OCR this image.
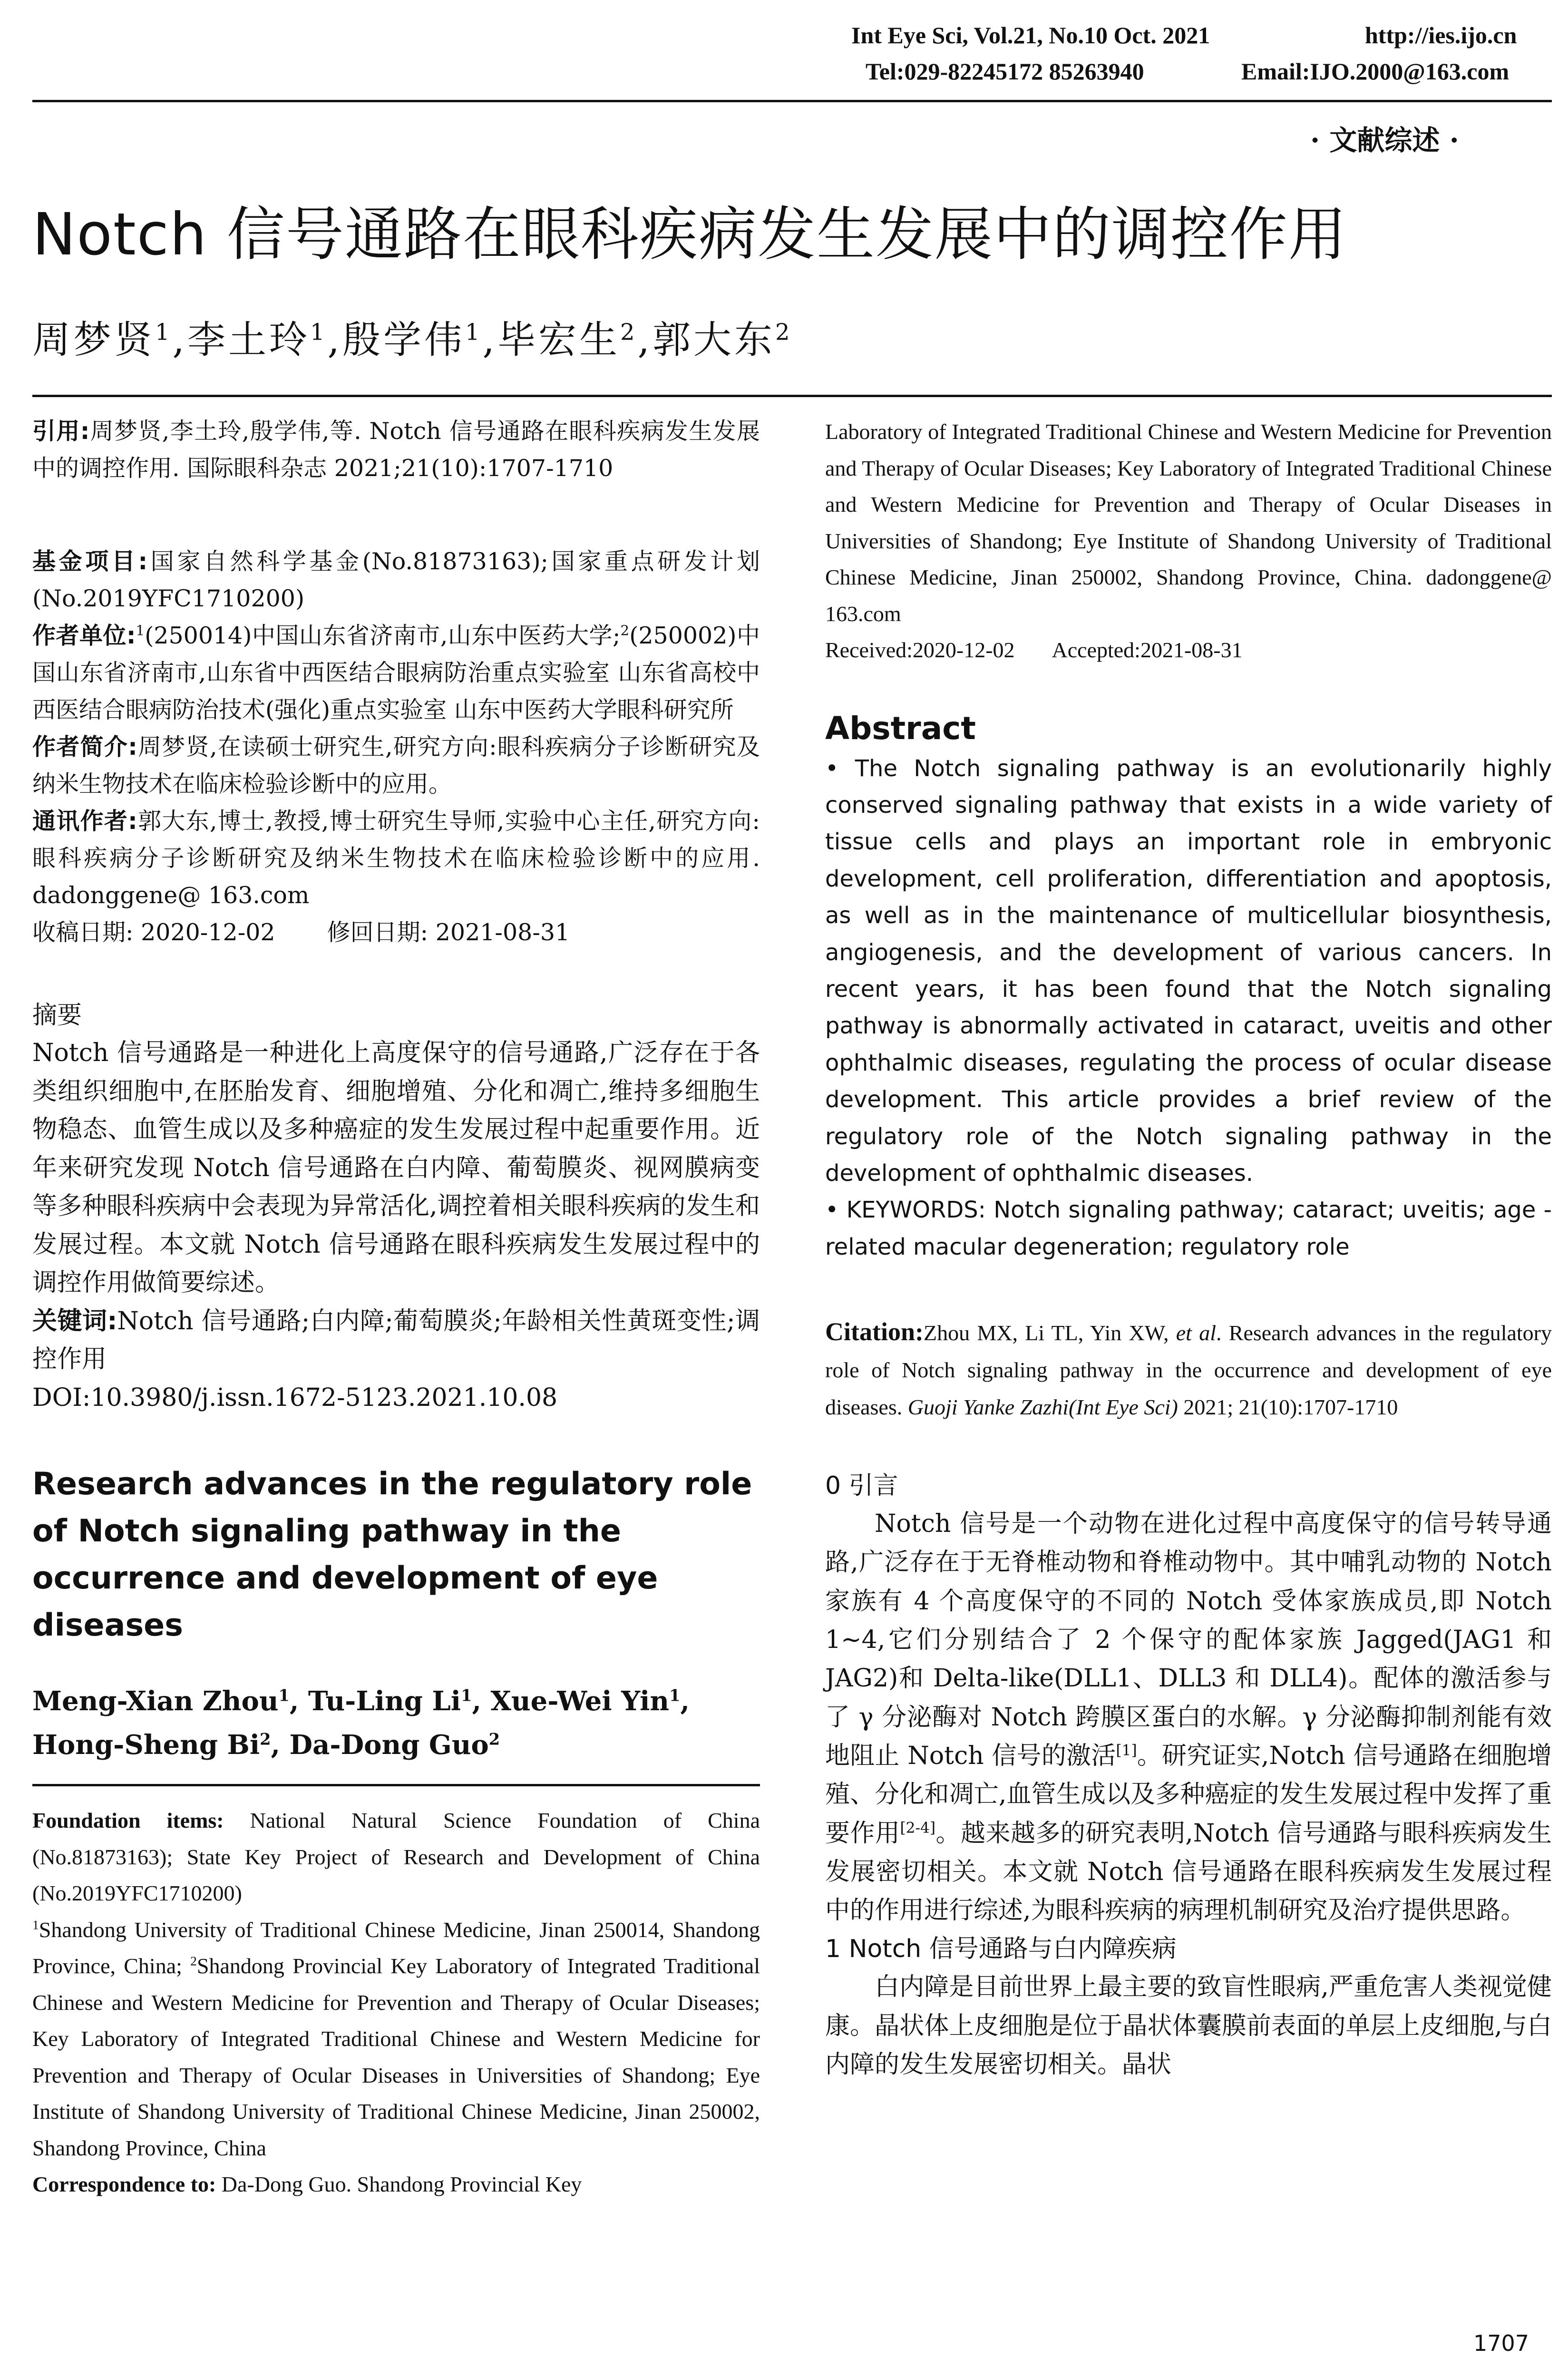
Int Eye Sci, Vol.21, No.10 Oct. 2021	http://ies.ijo.cn
Tel:029-82245172 85263940	Email:IJO.2000@163.com
· 文献综述 ·
Notch 信号通路在眼科疾病发生发展中的调控作用
周梦贤$^1$,李土玲$^1$,殷学伟$^1$,毕宏生$^2$,郭大东$^2$

引用:周梦贤,李土玲,殷学伟,等. Notch 信号通路在眼科疾病发生发展中的调控作用. 国际眼科杂志 2021;21(10):1707-1710

基金项目:国家自然科学基金(No.81873163);国家重点研发计划(No.2019YFC1710200)

作者单位:$^1$(250014)中国山东省济南市,山东中医药大学;$^2$(250002)中国山东省济南市,山东省中西医结合眼病防治重点实验室 山东省高校中西医结合眼病防治技术(强化)重点实验室 山东中医药大学眼科研究所

作者简介:周梦贤,在读硕士研究生,研究方向:眼科疾病分子诊断研究及纳米生物技术在临床检验诊断中的应用。

通讯作者:郭大东,博士,教授,博士研究生导师,实验中心主任,研究方向:眼科疾病分子诊断研究及纳米生物技术在临床检验诊断中的应用. dadonggene@ 163.com

收稿日期: 2020-12-02       修回日期: 2021-08-31

摘要

Notch 信号通路是一种进化上高度保守的信号通路,广泛存在于各类组织细胞中,在胚胎发育、细胞增殖、分化和凋亡,维持多细胞生物稳态、血管生成以及多种癌症的发生发展过程中起重要作用。近年来研究发现 Notch 信号通路在白内障、葡萄膜炎、视网膜病变等多种眼科疾病中会表现为异常活化,调控着相关眼科疾病的发生和发展过程。本文就 Notch 信号通路在眼科疾病发生发展过程中的调控作用做简要综述。

关键词:Notch 信号通路;白内障;葡萄膜炎;年龄相关性黄斑变性;调控作用

DOI:10.3980/j.issn.1672-5123.2021.10.08

Research advances in the regulatory role of Notch signaling pathway in the occurrence and development of eye diseases

Meng-Xian Zhou$^1$, Tu-Ling Li$^1$, Xue-Wei Yin$^1$, Hong-Sheng Bi$^2$, Da-Dong Guo$^2$

Foundation items: National Natural Science Foundation of China (No.81873163); State Key Project of Research and Development of China (No.2019YFC1710200)

$^1$Shandong University of Traditional Chinese Medicine, Jinan 250014, Shandong Province, China; $^2$Shandong Provincial Key Laboratory of Integrated Traditional Chinese and Western Medicine for Prevention and Therapy of Ocular Diseases; Key Laboratory of Integrated Traditional Chinese and Western Medicine for Prevention and Therapy of Ocular Diseases in Universities of Shandong; Eye Institute of Shandong University of Traditional Chinese Medicine, Jinan 250002, Shandong Province, China

Correspondence to: Da-Dong Guo. Shandong Provincial Key

Laboratory of Integrated Traditional Chinese and Western Medicine for Prevention and Therapy of Ocular Diseases; Key Laboratory of Integrated Traditional Chinese and Western Medicine for Prevention and Therapy of Ocular Diseases in Universities of Shandong; Eye Institute of Shandong University of Traditional Chinese Medicine, Jinan 250002, Shandong Province, China. dadonggene@ 163.com

Received:2020-12-02       Accepted:2021-08-31

Abstract

• The Notch signaling pathway is an evolutionarily highly conserved signaling pathway that exists in a wide variety of tissue cells and plays an important role in embryonic development, cell proliferation, differentiation and apoptosis, as well as in the maintenance of multicellular biosynthesis, angiogenesis, and the development of various cancers. In recent years, it has been found that the Notch signaling pathway is abnormally activated in cataract, uveitis and other ophthalmic diseases, regulating the process of ocular disease development. This article provides a brief review of the regulatory role of the Notch signaling pathway in the development of ophthalmic diseases.

• KEYWORDS: Notch signaling pathway; cataract; uveitis; age - related macular degeneration; regulatory role

Citation:Zhou MX, Li TL, Yin XW, et al. Research advances in the regulatory role of Notch signaling pathway in the occurrence and development of eye diseases. Guoji Yanke Zazhi(Int Eye Sci) 2021; 21(10):1707-1710

0 引言

Notch 信号是一个动物在进化过程中高度保守的信号转导通路,广泛存在于无脊椎动物和脊椎动物中。其中哺乳动物的 Notch 家族有 4 个高度保守的不同的 Notch 受体家族成员,即 Notch 1~4,它们分别结合了 2 个保守的配体家族 Jagged(JAG1 和 JAG2)和 Delta-like(DLL1、DLL3 和 DLL4)。配体的激活参与了 γ 分泌酶对 Notch 跨膜区蛋白的水解。γ 分泌酶抑制剂能有效地阻止 Notch 信号的激活[1]。研究证实,Notch 信号通路在细胞增殖、分化和凋亡,血管生成以及多种癌症的发生发展过程中发挥了重要作用[2-4]。越来越多的研究表明,Notch 信号通路与眼科疾病发生发展密切相关。本文就 Notch 信号通路在眼科疾病发生发展过程中的作用进行综述,为眼科疾病的病理机制研究及治疗提供思路。

1 Notch 信号通路与白内障疾病

白内障是目前世界上最主要的致盲性眼病,严重危害人类视觉健康。晶状体上皮细胞是位于晶状体囊膜前表面的单层上皮细胞,与白内障的发生发展密切相关。晶状

1707
